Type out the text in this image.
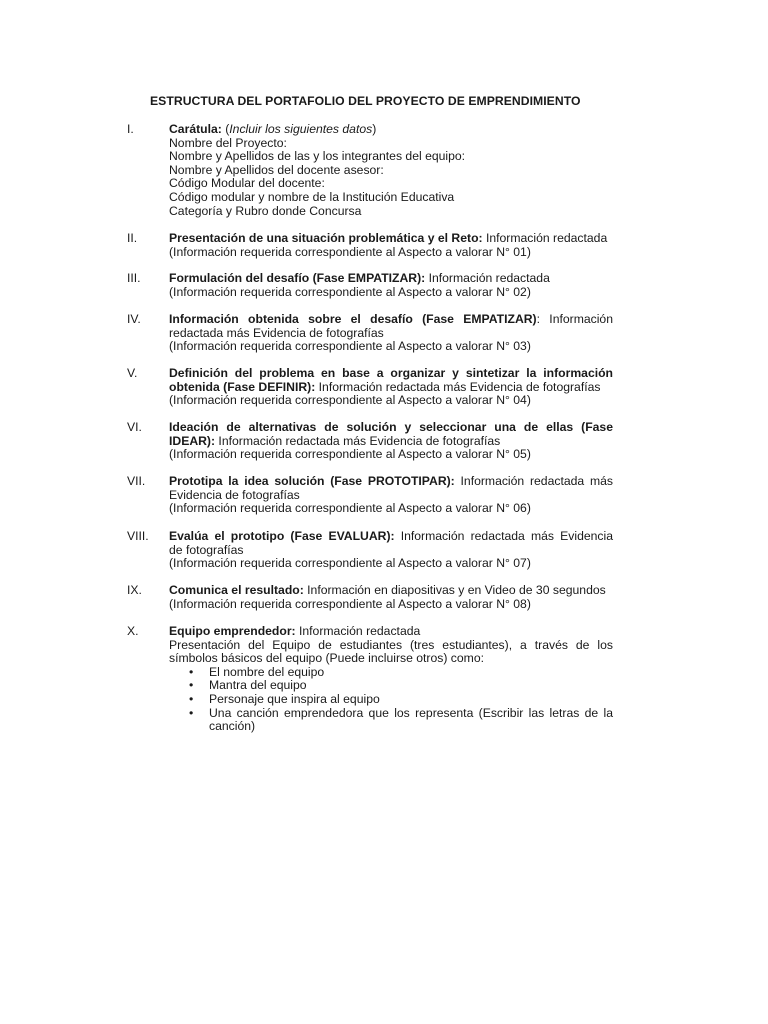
ESTRUCTURA DEL PORTAFOLIO DEL PROYECTO DE EMPRENDIMIENTO
I.	Carátula: (Incluir los siguientes datos)
Nombre del Proyecto:
Nombre y Apellidos de las y los integrantes del equipo:
Nombre y Apellidos del docente asesor:
Código Modular del docente:
Código modular y nombre de la Institución Educativa
Categoría y Rubro donde Concursa
II.	Presentación de una situación problemática y el Reto: Información redactada
(Información requerida correspondiente al Aspecto a valorar N° 01)
III.	Formulación del desafío (Fase EMPATIZAR): Información redactada
(Información requerida correspondiente al Aspecto a valorar N° 02)
IV.	Información obtenida sobre el desafío (Fase EMPATIZAR): Información
redactada más Evidencia de fotografías
(Información requerida correspondiente al Aspecto a valorar N° 03)
V.	Definición del problema en base a organizar y sintetizar la información
obtenida (Fase DEFINIR): Información redactada más Evidencia de fotografías
(Información requerida correspondiente al Aspecto a valorar N° 04)
VI.	Ideación de alternativas de solución y seleccionar una de ellas (Fase
IDEAR): Información redactada más Evidencia de fotografías
(Información requerida correspondiente al Aspecto a valorar N° 05)
VII.	Prototipa la idea solución (Fase PROTOTIPAR): Información redactada más
Evidencia de fotografías
(Información requerida correspondiente al Aspecto a valorar N° 06)
VIII.	Evalúa el prototipo (Fase EVALUAR): Información redactada más Evidencia
de fotografías
(Información requerida correspondiente al Aspecto a valorar N° 07)
IX.	Comunica el resultado: Información en diapositivas y en Video de 30 segundos
(Información requerida correspondiente al Aspecto a valorar N° 08)
X.	Equipo emprendedor: Información redactada
Presentación del Equipo de estudiantes (tres estudiantes), a través de los
símbolos básicos del equipo (Puede incluirse otros) como:
• El nombre del equipo
• Mantra del equipo
• Personaje que inspira al equipo
• Una canción emprendedora que los representa (Escribir las letras de la
canción)
